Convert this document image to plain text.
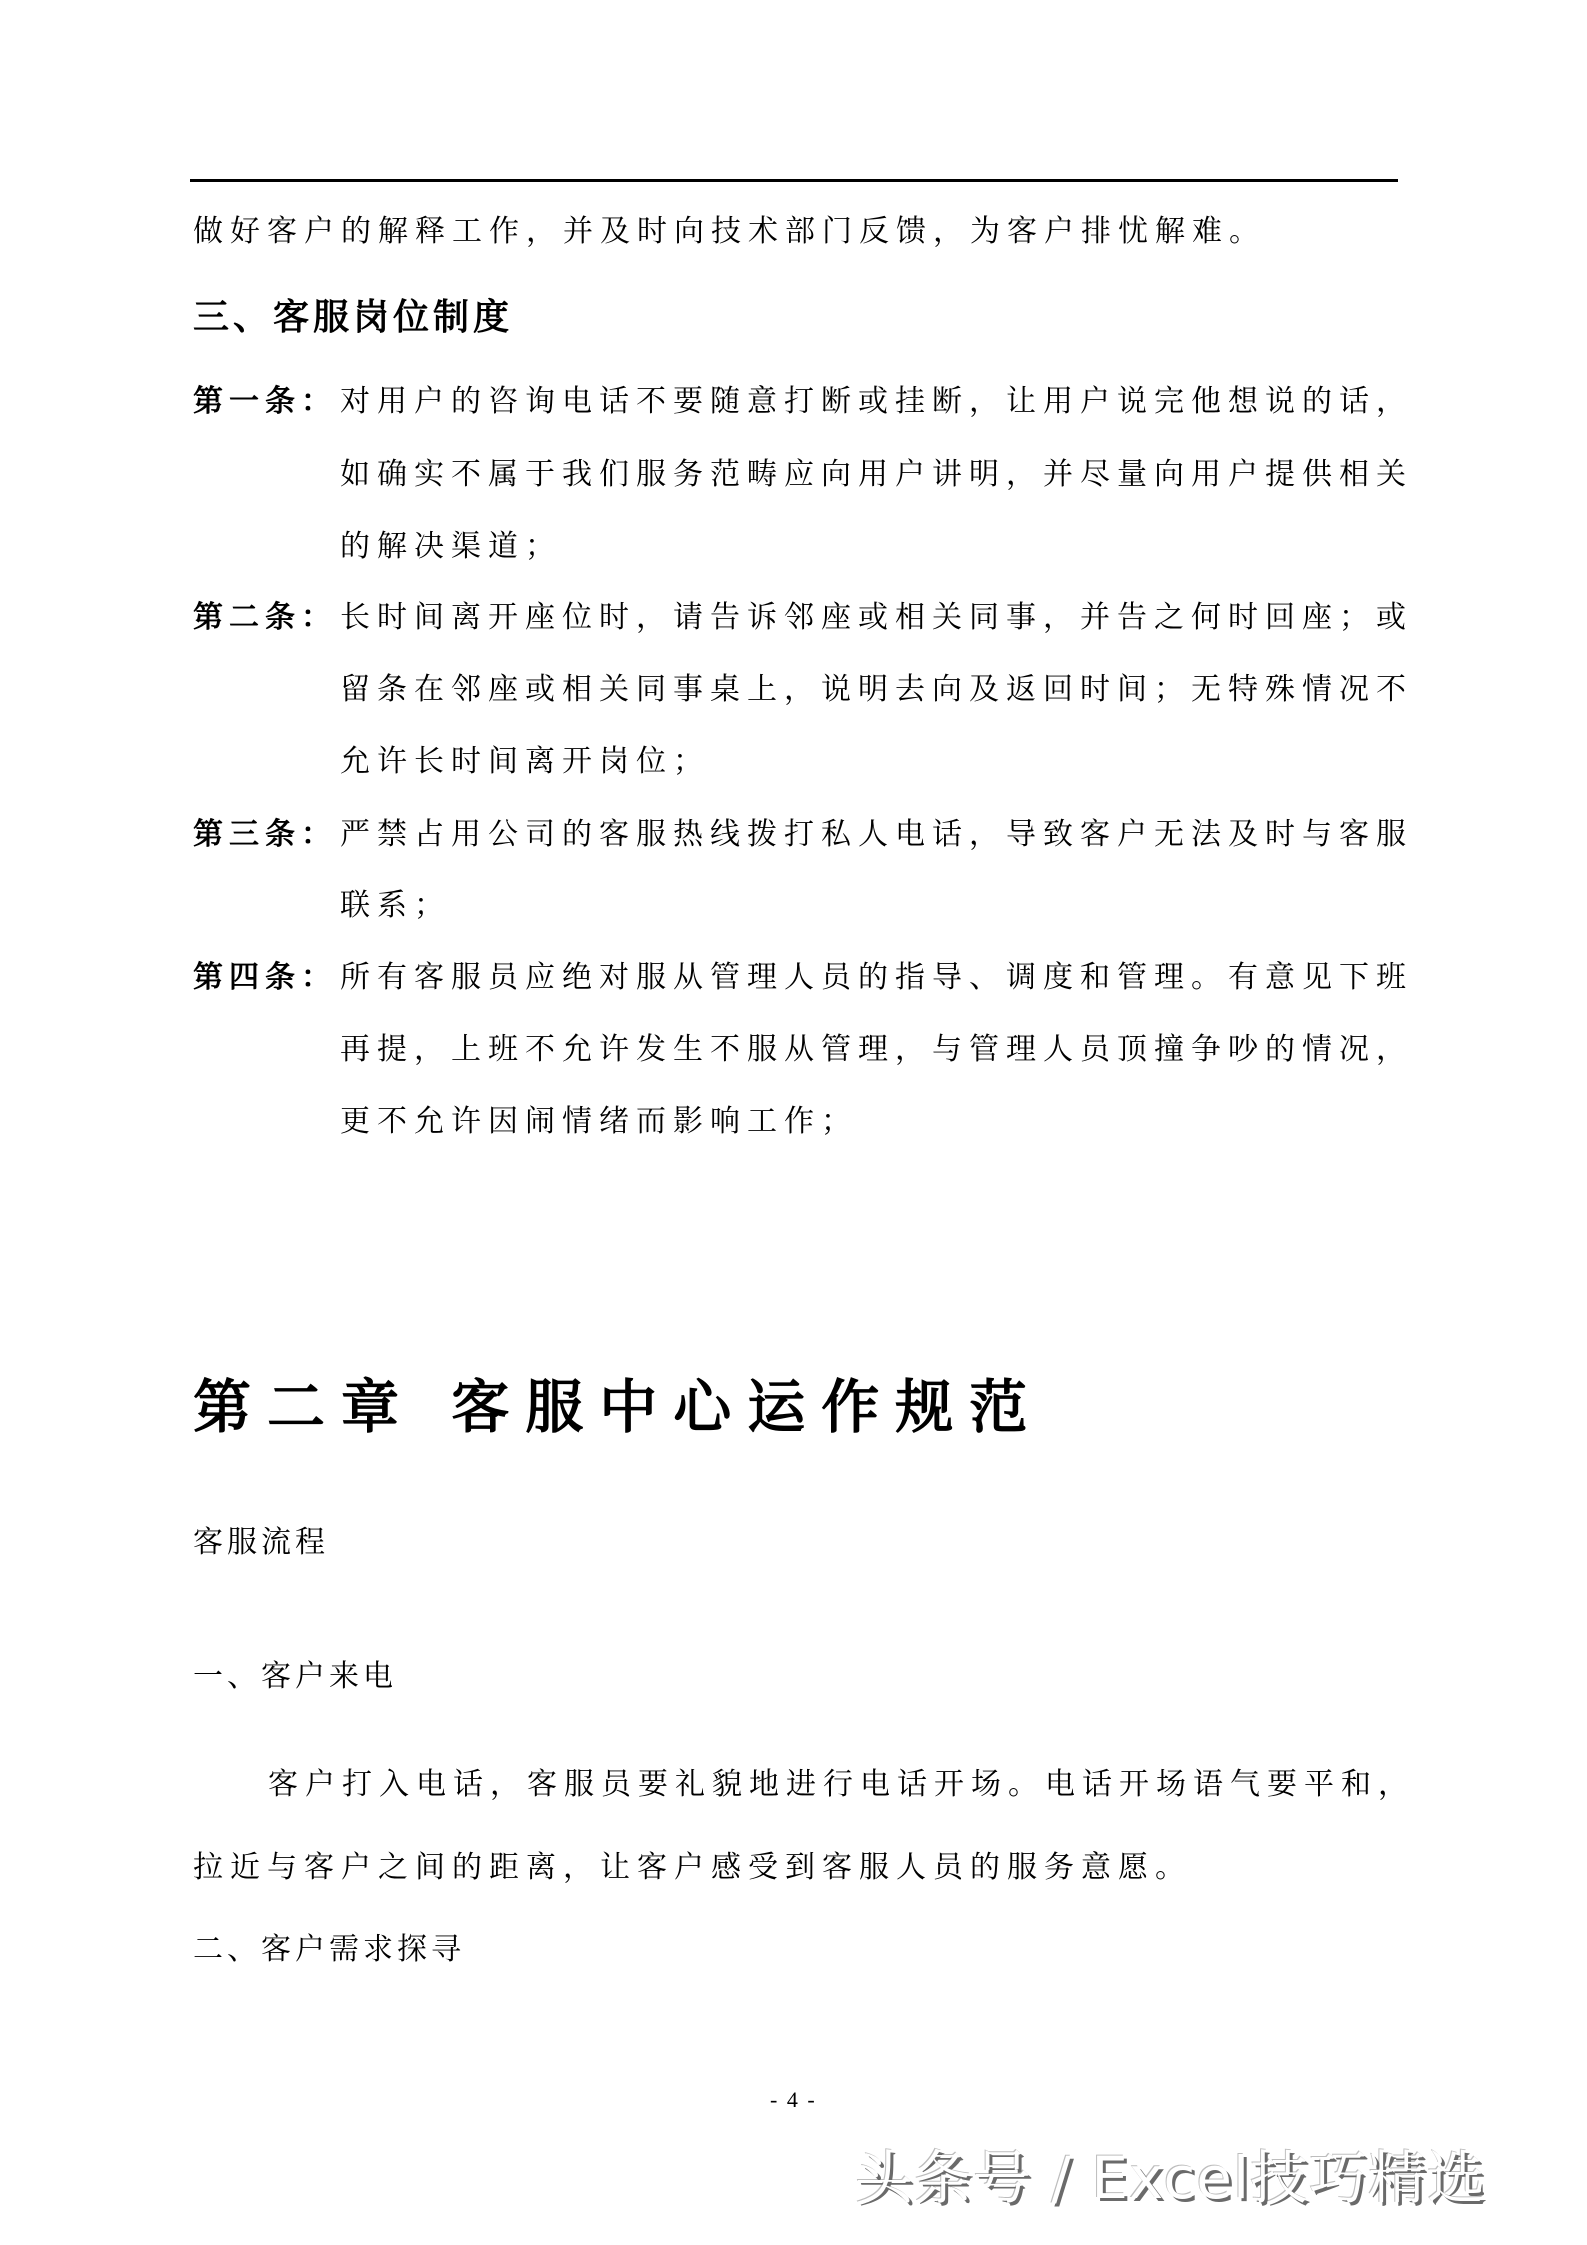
做好客户的解释工作，并及时向技术部门反馈，为客户排忧解难。
三、客服岗位制度
第一条： 对用户的咨询电话不要随意打断或挂断，让用户说完他想说的话，
如确实不属于我们服务范畴应向用户讲明，并尽量向用户提供相关
的解决渠道；
第二条： 长时间离开座位时，请告诉邻座或相关同事，并告之何时回座；或
留条在邻座或相关同事桌上，说明去向及返回时间；无特殊情况不
允许长时间离开岗位；
第三条： 严禁占用公司的客服热线拨打私人电话，导致客户无法及时与客服
联系；
第四条： 所有客服员应绝对服从管理人员的指导、调度和管理。有意见下班
再提，上班不允许发生不服从管理，与管理人员顶撞争吵的情况，
更不允许因闹情绪而影响工作；
第二章 客服中心运作规范
客服流程
一、客户来电
客户打入电话，客服员要礼貌地进行电话开场。电话开场语气要平和，
拉近与客户之间的距离，让客户感受到客服人员的服务意愿。
二、客户需求探寻
- 4 -
头条号 / Excel技巧精选
